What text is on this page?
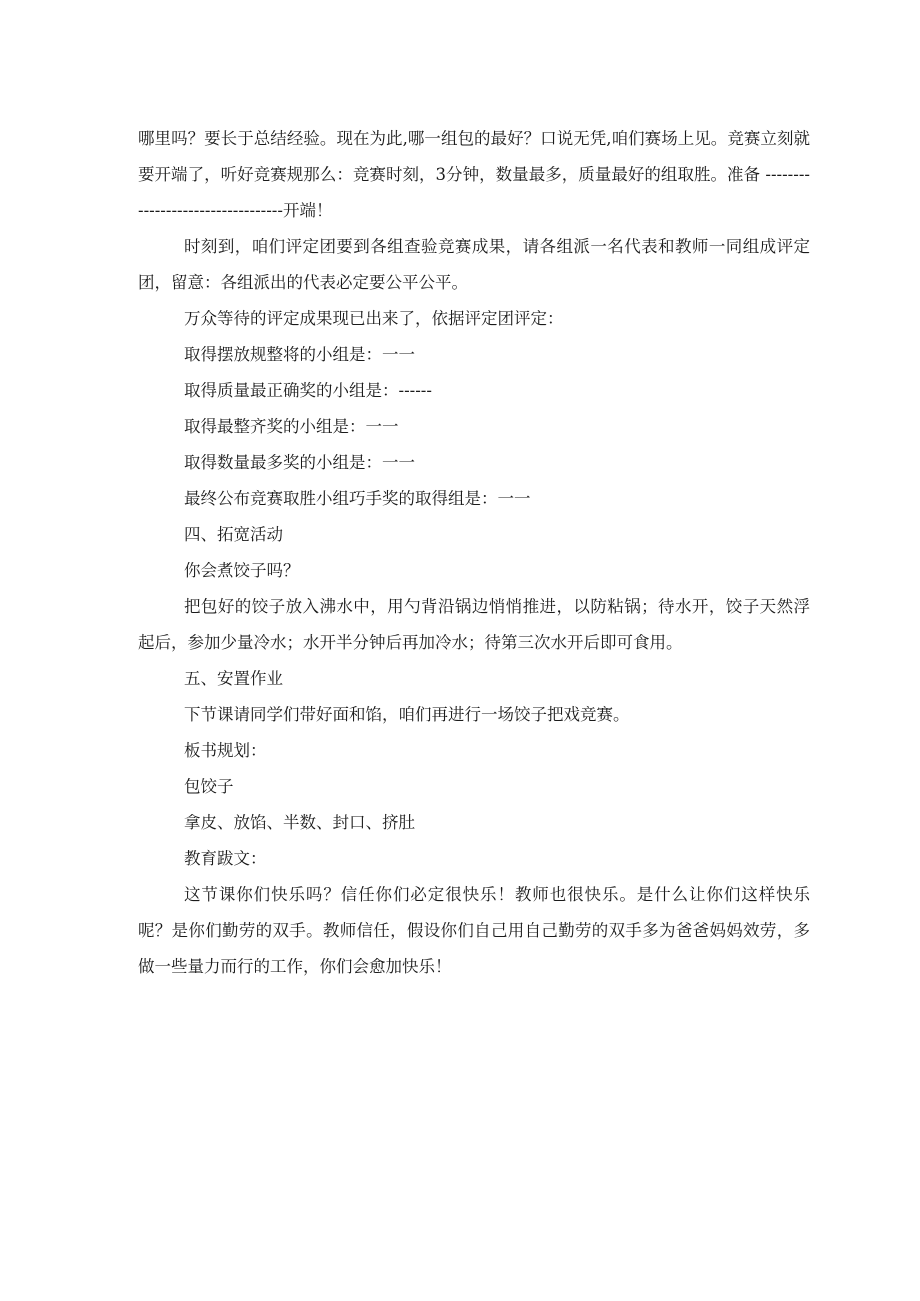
哪里吗？要长于总结经验。现在为此,哪一组包的最好？口说无凭,咱们赛场上见。竞赛立刻就要开端了，听好竞赛规那么：竞赛时刻，3分钟，数量最多，质量最好的组取胜。准备 ----------------------------------开端！

时刻到，咱们评定团要到各组查验竞赛成果，请各组派一名代表和教师一同组成评定团，留意：各组派出的代表必定要公平公平。

万众等待的评定成果现已出来了，依据评定团评定：

取得摆放规整将的小组是：一一

取得质量最正确奖的小组是：------

取得最整齐奖的小组是：一一

取得数量最多奖的小组是：一一

最终公布竞赛取胜小组巧手奖的取得组是：一一

四、拓宽活动

你会煮饺子吗？

把包好的饺子放入沸水中，用勺背沿锅边悄悄推进，以防粘锅；待水开，饺子天然浮起后，参加少量冷水；水开半分钟后再加冷水；待第三次水开后即可食用。

五、安置作业

下节课请同学们带好面和馅，咱们再进行一场饺子把戏竞赛。

板书规划：

包饺子

拿皮、放馅、半数、封口、挤肚

教育跋文：

这节课你们快乐吗？信任你们必定很快乐！教师也很快乐。是什么让你们这样快乐呢？是你们勤劳的双手。教师信任，假设你们自己用自己勤劳的双手多为爸爸妈妈效劳，多做一些量力而行的工作，你们会愈加快乐！
